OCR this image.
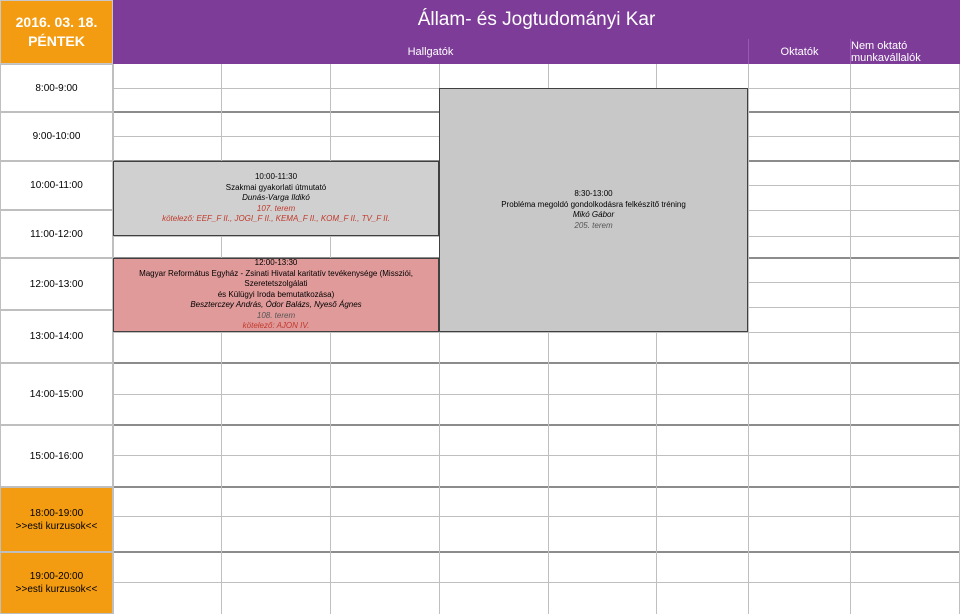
2016. 03. 18.
PÉNTEK
Állam- és Jogtudományi Kar
Hallgatók	Oktatók	Nem oktató munkavállalók
8:00-9:00
9:00-10:00
10:00-11:00
11:00-12:00
12:00-13:00
13:00-14:00
14:00-15:00
15:00-16:00
18:00-19:00
>>esti kurzusok<<
19:00-20:00
>>esti kurzusok<<
10:00-11:30
Szakmai gyakorlati útmutató
Dunás-Varga Ildikó
107. terem
kötelező: EEF_F II., JOGI_F II., KEMA_F II., KOM_F II., TV_F II.
8:30-13:00
Probléma megoldó gondolkodásra felkészítő tréning
Mikó Gábor
205. terem
12:00-13:30
Magyar Református Egyház - Zsinati Hivatal karitatív tevékenysége (Missziói, Szeretetszolgálati
és Külügyi Iroda bemutatkozása)
Beszterczey András, Ódor Balázs, Nyeső Ágnes
108. terem
kötelező: AJON IV.
